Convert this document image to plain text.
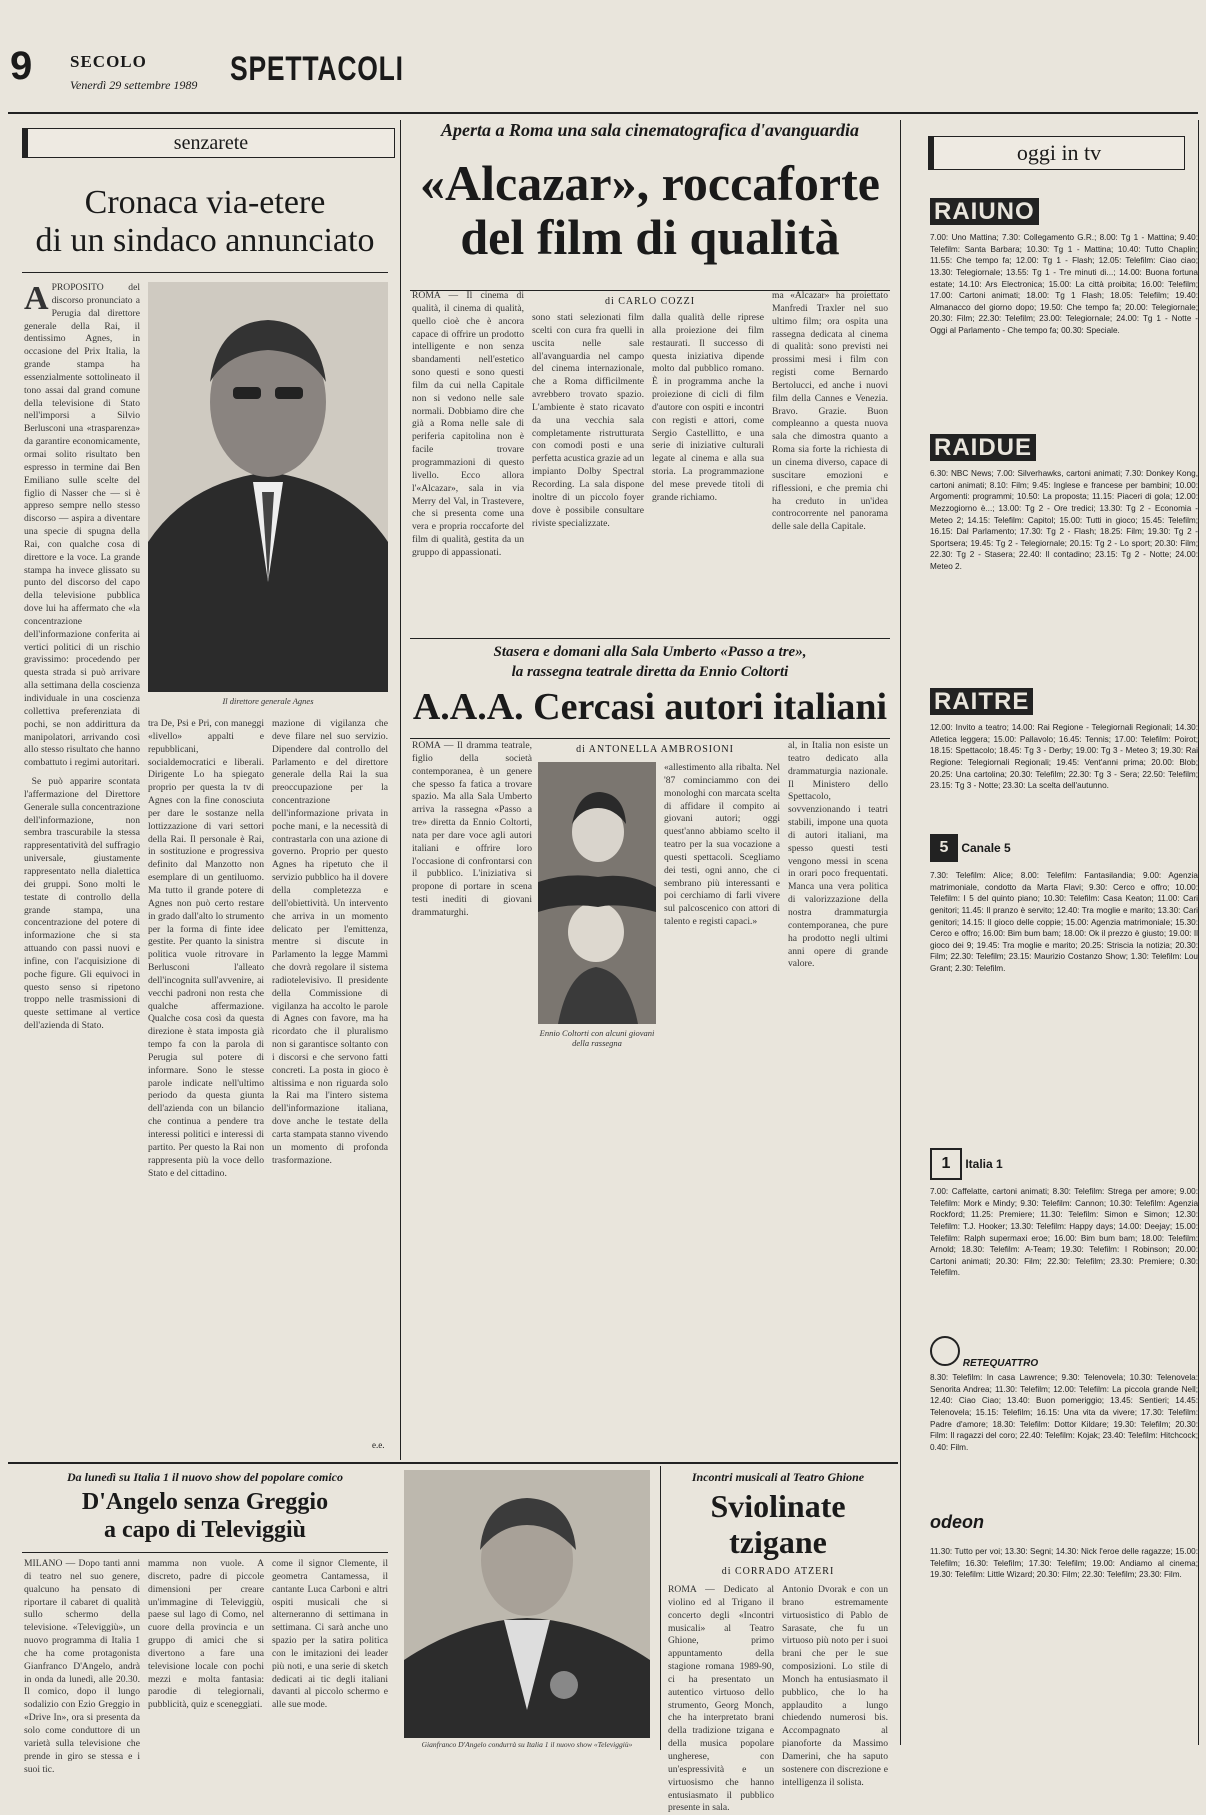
9 SECOLO
Venerdì 29 settembre 1989 SPETTACOLI
senzarete
Cronaca via-etere
di un sindaco annunciato
A PROPOSITO del discorso pronunciato a Perugia dal direttore generale della Rai, il dentissimo Agnes, in occasione del Prix Italia, la grande stampa ha essenzialmente sottolineato il tono assai dal grand comune della televisione di Stato nell'imporsi a Silvio Berlusconi una «trasparenza» da garantire economicamente, ormai solito risultato ben espresso in termine dai Ben Emiliano sulle scelte del figlio di Nasser che — si è appreso sempre nello stesso discorso — aspira a diventare una specie di spugna della Rai, con qualche cosa di direttore e la voce. La grande stampa ha invece glissato su punto del discorso del capo della televisione pubblica dove lui ha affermato che «la concentrazione dell'informazione conferita ai vertici politici di un rischio gravissimo: procedendo per questa strada si può arrivare alla settimana della coscienza individuale in una coscienza collettiva preferenziata di pochi, se non addirittura da manipolatori, arrivando così allo stesso risultato che hanno combattuto i regimi autoritari.

Se può apparire scontata l'affermazione del Direttore Generale sulla concentrazione dell'informazione, non sembra trascurabile la stessa rappresentatività del suffragio universale, giustamente rappresentato nella dialettica dei gruppi. Sono molti le testate di controllo della grande stampa, una concentrazione del potere di informazione che si sta attuando con passi nuovi e infine, con l'acquisizione di poche figure. Gli equivoci in questo senso si ripetono troppo nelle trasmissioni di queste settimane al vertice dell'azienda di Stato.

Il direttore generale Agnes
tra De, Psi e Pri, con maneggi «livello» appalti e repubblicani, socialdemocratici e liberali. Dirigente Lo ha spiegato proprio per questa la tv di Agnes con la fine conosciuta per dare le sostanze nella lottizzazione di vari settori della Rai. Il personale è Rai, in sostituzione e progressiva definito dal Manzotto non esemplare di un gentiluomo. Ma tutto il grande potere di Agnes non può certo restare in grado dall'alto lo strumento per la forma di finte idee gestite. Per quanto la sinistra politica vuole ritrovare in Berlusconi l'alleato dell'incognita sull'avvenire, ai vecchi padroni non resta che qualche affermazione. Qualche cosa così da questa direzione è stata imposta già tempo fa con la parola di Perugia sul potere di informare. Sono le stesse parole indicate nell'ultimo periodo da questa giunta dell'azienda con un bilancio che continua a pendere tra interessi politici e interessi di partito. Per questo la Rai non rappresenta più la voce dello Stato e del cittadino.
mazione di vigilanza che deve filare nel suo servizio. Dipendere dal controllo del Parlamento e del direttore generale della Rai la sua preoccupazione per la concentrazione dell'informazione privata in poche mani, e la necessità di contrastarla con una azione di governo. Proprio per questo Agnes ha ripetuto che il servizio pubblico ha il dovere della completezza e dell'obiettività. Un intervento che arriva in un momento delicato per l'emittenza, mentre si discute in Parlamento la legge Mammì che dovrà regolare il sistema radiotelevisivo. Il presidente della Commissione di vigilanza ha accolto le parole di Agnes con favore, ma ha ricordato che il pluralismo non si garantisce soltanto con i discorsi e che servono fatti concreti. La posta in gioco è altissima e non riguarda solo la Rai ma l'intero sistema dell'informazione italiana, dove anche le testate della carta stampata stanno vivendo un momento di profonda trasformazione.
e.e.
Aperta a Roma una sala cinematografica d'avanguardia
«Alcazar», roccaforte
del film di qualità
di CARLO COZZI
ROMA — Il cinema di qualità, il cinema di qualità, quello cioè che è ancora capace di offrire un prodotto intelligente e non senza sbandamenti nell'estetico sono questi e sono questi film da cui nella Capitale non si vedono nelle sale normali. Dobbiamo dire che già a Roma nelle sale di periferia capitolina non è facile trovare programmazioni di questo livello. Ecco allora l'«Alcazar», sala in via Merry del Val, in Trastevere, che si presenta come una vera e propria roccaforte del film di qualità, gestita da un gruppo di appassionati.
sono stati selezionati film scelti con cura fra quelli in uscita nelle sale all'avanguardia nel campo del cinema internazionale, che a Roma difficilmente avrebbero trovato spazio. L'ambiente è stato ricavato da una vecchia sala completamente ristrutturata con comodi posti e una perfetta acustica grazie ad un impianto Dolby Spectral Recording. La sala dispone inoltre di un piccolo foyer dove è possibile consultare riviste specializzate.
dalla qualità delle riprese alla proiezione dei film restaurati. Il successo di questa iniziativa dipende molto dal pubblico romano. È in programma anche la proiezione di cicli di film d'autore con ospiti e incontri con registi e attori, come Sergio Castellitto, e una serie di iniziative culturali legate al cinema e alla sua storia. La programmazione del mese prevede titoli di grande richiamo.
ma «Alcazar» ha proiettato Manfredi Traxler nel suo ultimo film; ora ospita una rassegna dedicata al cinema di qualità: sono previsti nei prossimi mesi i film con registi come Bernardo Bertolucci, ed anche i nuovi film della Cannes e Venezia. Bravo. Grazie. Buon compleanno a questa nuova sala che dimostra quanto a Roma sia forte la richiesta di un cinema diverso, capace di suscitare emozioni e riflessioni, e che premia chi ha creduto in un'idea controcorrente nel panorama delle sale della Capitale.
Stasera e domani alla Sala Umberto «Passo a tre»,
la rassegna teatrale diretta da Ennio Coltorti
A.A.A. Cercasi autori italiani
di ANTONELLA AMBROSIONI
ROMA — Il dramma teatrale, figlio della società contemporanea, è un genere che spesso fa fatica a trovare spazio. Ma alla Sala Umberto arriva la rassegna «Passo a tre» diretta da Ennio Coltorti, nata per dare voce agli autori italiani e offrire loro l'occasione di confrontarsi con il pubblico. L'iniziativa si propone di portare in scena testi inediti di giovani drammaturghi.
Ennio Coltorti con alcuni giovani della rassegna
«allestimento alla ribalta. Nel '87 cominciammo con dei monologhi con marcata scelta di affidare il compito ai giovani autori; oggi quest'anno abbiamo scelto il teatro per la sua vocazione a questi spettacoli. Scegliamo dei testi, ogni anno, che ci sembrano più interessanti e poi cerchiamo di farli vivere sul palcoscenico con attori di talento e registi capaci.»
al, in Italia non esiste un teatro dedicato alla drammaturgia nazionale. Il Ministero dello Spettacolo, sovvenzionando i teatri stabili, impone una quota di autori italiani, ma spesso questi testi vengono messi in scena in orari poco frequentati. Manca una vera politica di valorizzazione della nostra drammaturgia contemporanea, che pure ha prodotto negli ultimi anni opere di grande valore.
Da lunedì su Italia 1 il nuovo show del popolare comico
D'Angelo senza Greggio
a capo di Televiggiù
MILANO — Dopo tanti anni di teatro nel suo genere, qualcuno ha pensato di riportare il cabaret di qualità sullo schermo della televisione. «Televiggiù», un nuovo programma di Italia 1 che ha come protagonista Gianfranco D'Angelo, andrà in onda da lunedì, alle 20.30. Il comico, dopo il lungo sodalizio con Ezio Greggio in «Drive In», ora si presenta da solo come conduttore di un varietà sulla televisione che prende in giro se stessa e i suoi tic.
mamma non vuole. A discreto, padre di piccole dimensioni per creare un'immagine di Televiggiù, paese sul lago di Como, nel cuore della provincia e un gruppo di amici che si divertono a fare una televisione locale con pochi mezzi e molta fantasia: parodie di telegiornali, pubblicità, quiz e sceneggiati.
come il signor Clemente, il geometra Cantamessa, il cantante Luca Carboni e altri ospiti musicali che si alterneranno di settimana in settimana. Ci sarà anche uno spazio per la satira politica con le imitazioni dei leader più noti, e una serie di sketch dedicati ai tic degli italiani davanti al piccolo schermo e alle sue mode.
Gianfranco D'Angelo condurrà su Italia 1 il nuovo show «Televiggiù»
Incontri musicali al Teatro Ghione
Sviolinate
tzigane
di CORRADO ATZERI
ROMA — Dedicato al violino ed al Trigano il concerto degli «Incontri musicali» al Teatro Ghione, primo appuntamento della stagione romana 1989-90, ci ha presentato un autentico virtuoso dello strumento, Georg Monch, che ha interpretato brani della tradizione tzigana e della musica popolare ungherese, con un'espressività e un virtuosismo che hanno entusiasmato il pubblico presente in sala.
Antonio Dvorak e con un brano estremamente virtuosistico di Pablo de Sarasate, che fu un virtuoso più noto per i suoi brani che per le sue composizioni. Lo stile di Monch ha entusiasmato il pubblico, che lo ha applaudito a lungo chiedendo numerosi bis. Accompagnato al pianoforte da Massimo Damerini, che ha saputo sostenere con discrezione e intelligenza il solista.
oggi in tv
RAIUNO
7.00: Uno Mattina; 7.30: Collegamento G.R.; 8.00: Tg 1 - Mattina; 9.40: Telefilm: Santa Barbara; 10.30: Tg 1 - Mattina; 10.40: Tutto Chaplin; 11.55: Che tempo fa; 12.00: Tg 1 - Flash; 12.05: Telefilm: Ciao ciao; 13.30: Telegiornale; 13.55: Tg 1 - Tre minuti di...; 14.00: Buona fortuna estate; 14.10: Ars Electronica; 15.00: La città proibita; 16.00: Telefilm; 17.00: Cartoni animati; 18.00: Tg 1 Flash; 18.05: Telefilm; 19.40: Almanacco del giorno dopo; 19.50: Che tempo fa; 20.00: Telegiornale; 20.30: Film; 22.30: Telefilm; 23.00: Telegiornale; 24.00: Tg 1 - Notte - Oggi al Parlamento - Che tempo fa; 00.30: Speciale.
RAIDUE
6.30: NBC News; 7.00: Silverhawks, cartoni animati; 7.30: Donkey Kong, cartoni animati; 8.10: Film; 9.45: Inglese e francese per bambini; 10.00: Argomenti: programmi; 10.50: La proposta; 11.15: Piaceri di gola; 12.00: Mezzogiorno è...; 13.00: Tg 2 - Ore tredici; 13.30: Tg 2 - Economia - Meteo 2; 14.15: Telefilm: Capitol; 15.00: Tutti in gioco; 15.45: Telefilm; 16.15: Dal Parlamento; 17.30: Tg 2 - Flash; 18.25: Film; 19.30: Tg 2 - Sportsera; 19.45: Tg 2 - Telegiornale; 20.15: Tg 2 - Lo sport; 20.30: Film; 22.30: Tg 2 - Stasera; 22.40: Il contadino; 23.15: Tg 2 - Notte; 24.00: Meteo 2.
RAITRE
12.00: Invito a teatro; 14.00: Rai Regione - Telegiornali Regionali; 14.30: Atletica leggera; 15.00: Pallavolo; 16.45: Tennis; 17.00: Telefilm: Poirot; 18.15: Spettacolo; 18.45: Tg 3 - Derby; 19.00: Tg 3 - Meteo 3; 19.30: Rai Regione: Telegiornali Regionali; 19.45: Vent'anni prima; 20.00: Blob; 20.25: Una cartolina; 20.30: Telefilm; 22.30: Tg 3 - Sera; 22.50: Telefilm; 23.15: Tg 3 - Notte; 23.30: La scelta dell'autunno.
5 Canale 5
7.30: Telefilm: Alice; 8.00: Telefilm: Fantasilandia; 9.00: Agenzia matrimoniale, condotto da Marta Flavi; 9.30: Cerco e offro; 10.00: Telefilm: I 5 del quinto piano; 10.30: Telefilm: Casa Keaton; 11.00: Cari genitori; 11.45: Il pranzo è servito; 12.40: Tra moglie e marito; 13.30: Cari genitori; 14.15: Il gioco delle coppie; 15.00: Agenzia matrimoniale; 15.30: Cerco e offro; 16.00: Bim bum bam; 18.00: Ok il prezzo è giusto; 19.00: Il gioco dei 9; 19.45: Tra moglie e marito; 20.25: Striscia la notizia; 20.30: Film; 22.30: Telefilm; 23.15: Maurizio Costanzo Show; 1.30: Telefilm: Lou Grant; 2.30: Telefilm.
1 Italia 1
7.00: Caffelatte, cartoni animati; 8.30: Telefilm: Strega per amore; 9.00: Telefilm: Mork e Mindy; 9.30: Telefilm: Cannon; 10.30: Telefilm: Agenzia Rockford; 11.25: Premiere; 11.30: Telefilm: Simon e Simon; 12.30: Telefilm: T.J. Hooker; 13.30: Telefilm: Happy days; 14.00: Deejay; 15.00: Telefilm: Ralph supermaxi eroe; 16.00: Bim bum bam; 18.00: Telefilm: Arnold; 18.30: Telefilm: A-Team; 19.30: Telefilm: I Robinson; 20.00: Cartoni animati; 20.30: Film; 22.30: Telefilm; 23.30: Premiere; 0.30: Telefilm.
RETEQUATTRO
8.30: Telefilm: In casa Lawrence; 9.30: Telenovela; 10.30: Telenovela: Senorita Andrea; 11.30: Telefilm; 12.00: Telefilm: La piccola grande Nell; 12.40: Ciao Ciao; 13.40: Buon pomeriggio; 13.45: Sentieri; 14.45: Telenovela; 15.15: Telefilm; 16.15: Una vita da vivere; 17.30: Telefilm: Padre d'amore; 18.30: Telefilm: Dottor Kildare; 19.30: Telefilm; 20.30: Film: Il ragazzi del coro; 22.40: Telefilm: Kojak; 23.40: Telefilm: Hitchcock; 0.40: Film.
odeon
11.30: Tutto per voi; 13.30: Segni; 14.30: Nick l'eroe delle ragazze; 15.00: Telefilm; 16.30: Telefilm; 17.30: Telefilm; 19.00: Andiamo al cinema; 19.30: Telefilm: Little Wizard; 20.30: Film; 22.30: Telefilm; 23.30: Film.
